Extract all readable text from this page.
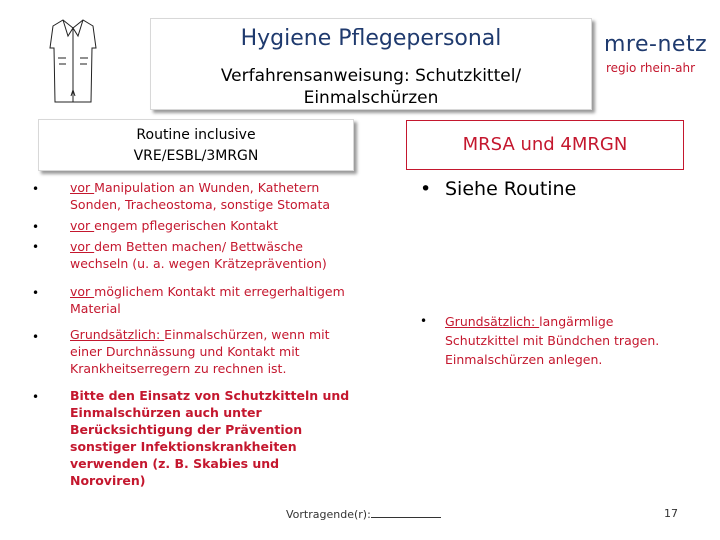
Hygiene Pflegepersonal
Verfahrensanweisung: Schutzkittel/
Einmalschürzen
mre-netz
regio rhein-ahr
Routine inclusive
VRE/ESBL/3MRGN
MRSA und 4MRGN
• vor Manipulation an Wunden, Kathetern Sonden, Tracheostoma, sonstige Stomata
• vor engem pflegerischen Kontakt
• vor dem Betten machen/ Bettwäsche wechseln (u. a. wegen Krätzeprävention)
• vor möglichem Kontakt mit erregerhaltigem Material
• Grundsätzlich: Einmalschürzen, wenn mit einer Durchnässung und Kontakt mit Krankheitserregern zu rechnen ist.
• Bitte den Einsatz von Schutzkitteln und Einmalschürzen auch unter Berücksichtigung der Prävention sonstiger Infektionskrankheiten verwenden (z. B. Skabies und Noroviren)
• Siehe Routine
• Grundsätzlich: langärmlige Schutzkittel mit Bündchen tragen. Einmalschürzen anlegen.
Vortragende(r):	17
